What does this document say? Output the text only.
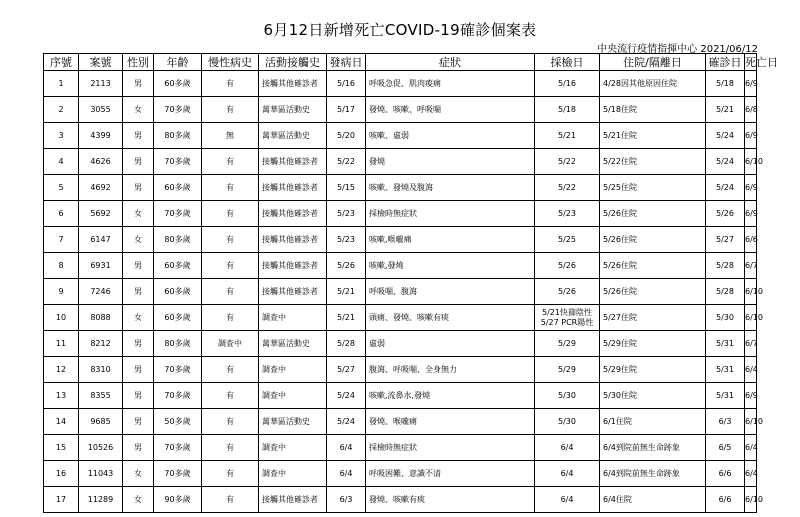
6月12日新增死亡COVID-19確診個案表
中央流行疫情指揮中心 2021/06/12
序號	案號	性別	年齡	慢性病史	活動接觸史	發病日	症狀	採檢日	住院/隔離日	確診日	死亡日
1	2113	男	60多歲	有	接觸其他確診者	5/16	呼吸急促、肌肉痠痛	5/16	4/28因其他原因住院	5/18	6/9
2	3055	女	70多歲	有	萬華區活動史	5/17	發燒、咳嗽、呼吸喘	5/18	5/18住院	5/21	6/8
3	4399	男	80多歲	無	萬華區活動史	5/20	咳嗽、虛弱	5/21	5/21住院	5/24	6/9
4	4626	男	70多歲	有	接觸其他確診者	5/22	發燒	5/22	5/22住院	5/24	6/10
5	4692	男	60多歲	有	接觸其他確診者	5/15	咳嗽、發燒及腹瀉	5/22	5/25住院	5/24	6/9
6	5692	女	70多歲	有	接觸其他確診者	5/23	採檢時無症狀	5/23	5/26住院	5/26	6/9
7	6147	女	80多歲	有	接觸其他確診者	5/23	咳嗽,喉嚨痛	5/25	5/26住院	5/27	6/6
8	6931	男	60多歲	有	接觸其他確診者	5/26	咳嗽,發燒	5/26	5/26住院	5/28	6/7
9	7246	男	60多歲	有	接觸其他確診者	5/21	呼吸喘、腹瀉	5/26	5/26住院	5/28	6/10
10	8088	女	60多歲	有	調查中	5/21	頭痛、發燒、咳嗽有痰	5/21快篩陰性
5/27 PCR陽性	5/27住院	5/30	6/10
11	8212	男	80多歲	調查中	萬華區活動史	5/28	虛弱	5/29	5/29住院	5/31	6/7
12	8310	男	70多歲	有	調查中	5/27	腹瀉、呼吸喘、全身無力	5/29	5/29住院	5/31	6/4
13	8355	男	70多歲	有	調查中	5/24	咳嗽,流鼻水,發燒	5/30	5/30住院	5/31	6/9
14	9685	男	50多歲	有	萬華區活動史	5/24	發燒、喉嚨痛	5/30	6/1住院	6/3	6/10
15	10526	男	70多歲	有	調查中	6/4	採檢時無症狀	6/4	6/4到院前無生命跡象	6/5	6/4
16	11043	女	70多歲	有	調查中	6/4	呼吸困難、意識不清	6/4	6/4到院前無生命跡象	6/6	6/4
17	11289	女	90多歲	有	接觸其他確診者	6/3	發燒、咳嗽有痰	6/4	6/4住院	6/6	6/10
